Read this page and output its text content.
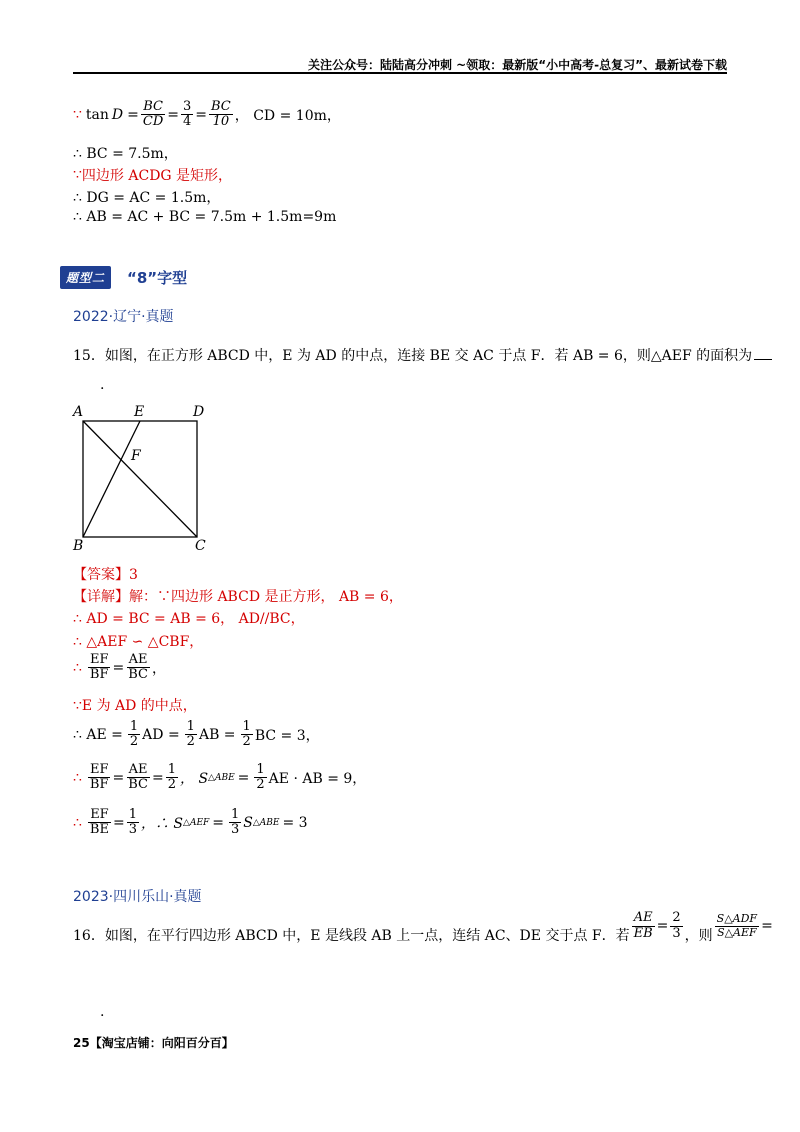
关注公众号：陆陆高分冲刺 ~领取：最新版“小中高考-总复习”、最新试卷下载
∵ $\tan D = \frac{BC}{CD} = \frac{3}{4} = \frac{BC}{10}$ ， CD = 10m，
∴ BC = 7.5m，
∵ 四边形 ACDG 是矩形，
∴ DG = AC = 1.5m，
∴ AB = AC + BC = 7.5m + 1.5m=9m
题型二	“8”字型
2022·辽宁·真题
15．如图，在正方形 ABCD 中，E 为 AD 的中点，连接 BE 交 AC 于点 F．若 AB = 6，则△AEF 的面积为
.
A	E	D
F
B	C
【答案】3
【详解】解：∵四边形 ABCD 是正方形， AB = 6，
∴ AD = BC = AB = 6， AD//BC，
∴ △AEF ∽ △CBF，
∴ $\frac{EF}{BF} = \frac{AE}{BC}$ ，
∵E 为 AD 的中点，
∴ AE = $\frac{1}{2}$ AD = $\frac{1}{2}$ AB = $\frac{1}{2}$ BC = 3，
∴ $\frac{EF}{BF} = \frac{AE}{BC} = \frac{1}{2}$ ， S △ABE = $\frac{1}{2}$ AE · AB = 9，
∴ $\frac{EF}{BE} = \frac{1}{3}$ ，∴ S △AEF = $\frac{1}{3}$ S △ABE = 3
2023·四川乐山·真题
16．如图，在平行四边形 ABCD 中，E 是线段 AB 上一点，连结 AC、DE 交于点 F．若 $\frac{AE}{EB} = \frac{2}{3}$ ，则 $\frac{\text{S△ADF}}{\text{S△AEF}}$ =
.
25【淘宝店铺：向阳百分百】
